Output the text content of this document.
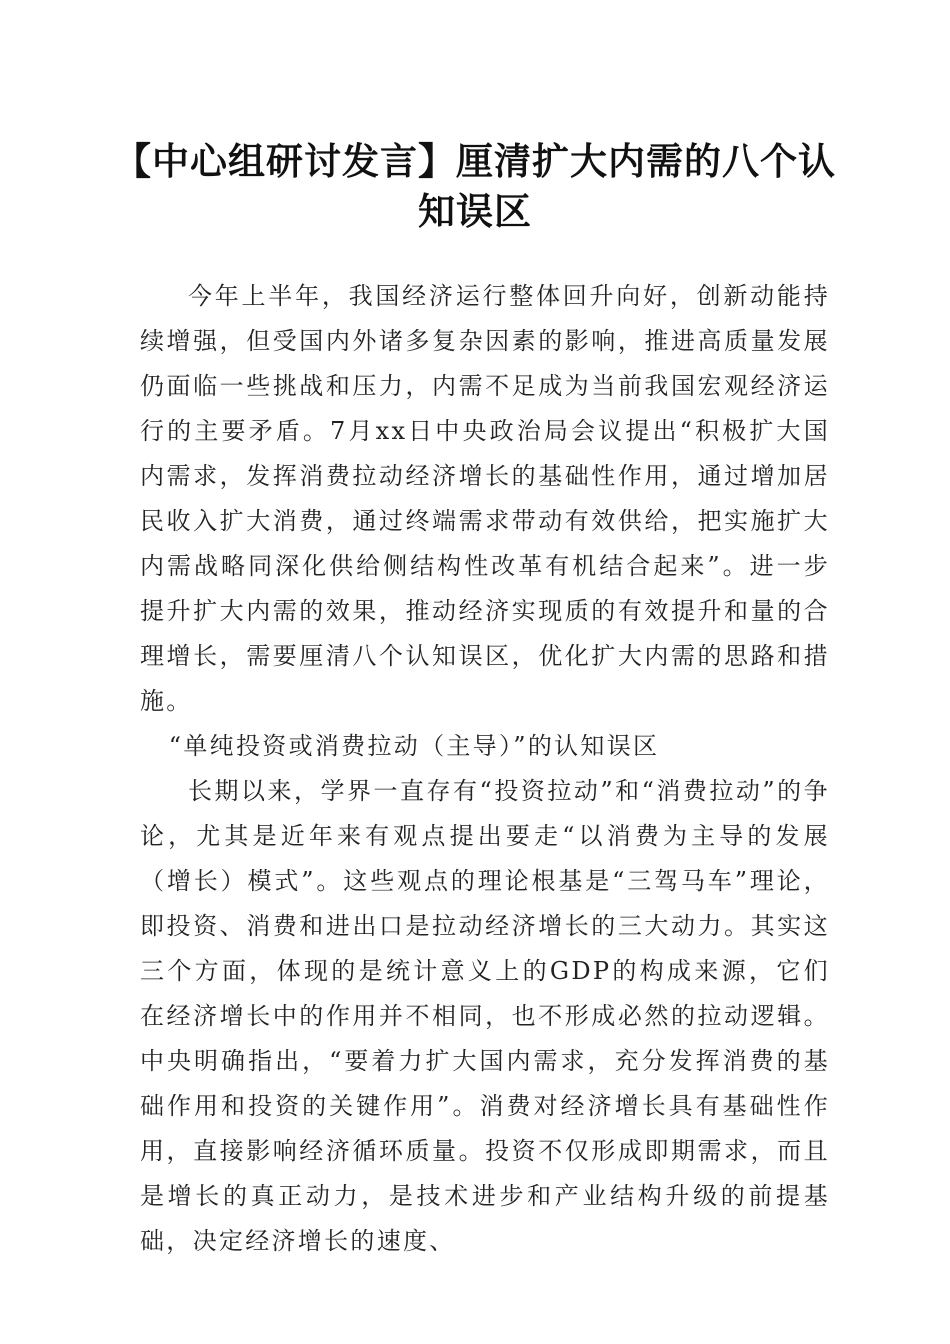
【中心组研讨发言】厘清扩大内需的八个认知误区

今年上半年，我国经济运行整体回升向好，创新动能持续增强，但受国内外诸多复杂因素的影响，推进高质量发展仍面临一些挑战和压力，内需不足成为当前我国宏观经济运行的主要矛盾。7月xx日中央政治局会议提出“积极扩大国内需求，发挥消费拉动经济增长的基础性作用，通过增加居民收入扩大消费，通过终端需求带动有效供给，把实施扩大内需战略同深化供给侧结构性改革有机结合起来”。进一步提升扩大内需的效果，推动经济实现质的有效提升和量的合理增长，需要厘清八个认知误区，优化扩大内需的思路和措施。

“单纯投资或消费拉动（主导）”的认知误区

长期以来，学界一直存有“投资拉动”和“消费拉动”的争论，尤其是近年来有观点提出要走“以消费为主导的发展（增长）模式”。这些观点的理论根基是“三驾马车”理论，即投资、消费和进出口是拉动经济增长的三大动力。其实这三个方面，体现的是统计意义上的GDP的构成来源，它们在经济增长中的作用并不相同，也不形成必然的拉动逻辑。中央明确指出，“要着力扩大国内需求，充分发挥消费的基础作用和投资的关键作用”。消费对经济增长具有基础性作用，直接影响经济循环质量。投资不仅形成即期需求，而且是增长的真正动力，是技术进步和产业结构升级的前提基础，决定经济增长的速度、
